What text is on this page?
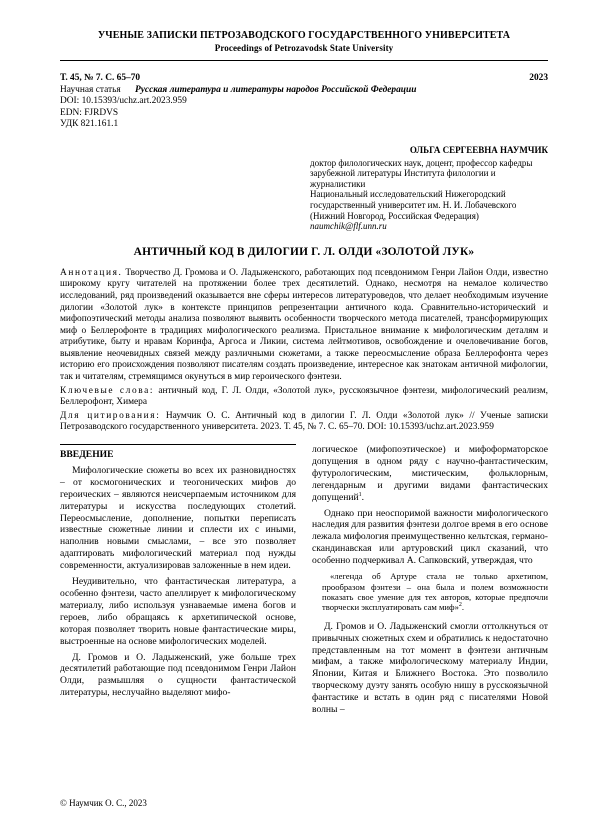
УЧЕНЫЕ ЗАПИСКИ ПЕТРОЗАВОДСКОГО ГОСУДАРСТВЕННОГО УНИВЕРСИТЕТА
Proceedings of Petrozavodsk State University
Т. 45, № 7. С. 65–70	2023
Научная статья Русская литература и литературы народов Российской Федерации
DOI: 10.15393/uchz.art.2023.959
EDN: FJRDVS
УДК 821.161.1
ОЛЬГА СЕРГЕЕВНА НАУМЧИК
доктор филологических наук, доцент, профессор кафедры зарубежной литературы Института филологии и журналистики
Национальный исследовательский Нижегородский государственный университет им. Н. И. Лобачевского (Нижний Новгород, Российская Федерация)
naumchik@flf.unn.ru
АНТИЧНЫЙ КОД В ДИЛОГИИ Г. Л. ОЛДИ «ЗОЛОТОЙ ЛУК»
Аннотация. Творчество Д. Громова и О. Ладыженского, работающих под псевдонимом Генри Лайон Олди, известно широкому кругу читателей на протяжении более трех десятилетий. Однако, несмотря на немалое количество исследований, ряд произведений оказывается вне сферы интересов литературоведов, что делает необходимым изучение дилогии «Золотой лук» в контексте принципов репрезентации античного кода. Сравнительно-исторический и мифопоэтический методы анализа позволяют выявить особенности творческого метода писателей, трансформирующих миф о Беллерофонте в традициях мифологического реализма. Пристальное внимание к мифологическим деталям и атрибутике, быту и нравам Коринфа, Аргоса и Ликии, система лейтмотивов, освобождение и очеловечивание богов, выявление неочевидных связей между различными сюжетами, а также переосмысление образа Беллерофонта через историю его происхождения позволяют писателям создать произведение, интересное как знатокам античной мифологии, так и читателям, стремящимся окунуться в мир героического фэнтези.
Ключевые слова: античный код, Г. Л. Олди, «Золотой лук», русскоязычное фэнтези, мифологический реализм, Беллерофонт, Химера
Для цитирования: Наумчик О. С. Античный код в дилогии Г. Л. Олди «Золотой лук» // Ученые записки Петрозаводского государственного университета. 2023. Т. 45, № 7. С. 65–70. DOI: 10.15393/uchz.art.2023.959
ВВЕДЕНИЕ

Мифологические сюжеты во всех их разновидностях – от космогонических и теогонических мифов до героических – являются неисчерпаемым источником для литературы и искусства последующих столетий. Переосмысление, дополнение, попытки переписать известные сюжетные линии и сплести их с иными, наполнив новыми смыслами, – все это позволяет адаптировать мифологический материал под нужды современности, актуализировав заложенные в нем идеи.

Неудивительно, что фантастическая литература, а особенно фэнтези, часто апеллирует к мифологическому материалу, либо используя узнаваемые имена богов и героев, либо обращаясь к архетипической основе, которая позволяет творить новые фантастические миры, выстроенные на основе мифологических моделей.

Д. Громов и О. Ладыженский, уже больше трех десятилетий работающие под псевдонимом Генри Лайон Олди, размышляя о сущности фантастической литературы, неслучайно выделяют мифо-

логическое (мифопоэтическое) и мифоформаторское допущения в одном ряду с научно-фантастическим, футурологическим, мистическим, фольклорным, легендарным и другими видами фантастических допущений$^1$.

Однако при неоспоримой важности мифологического наследия для развития фэнтези долгое время в его основе лежала мифология преимущественно кельтская, германо-скандинавская или артуровский цикл сказаний, что особенно подчеркивал А. Сапковский, утверждая, что

«легенда об Артуре стала не только архетипом, прообразом фэнтези – она была и полем возможности показать свое умение для тех авторов, которые предпочли творчески эксплуатировать сам миф»$^2$.

Д. Громов и О. Ладыженский смогли оттолкнуться от привычных сюжетных схем и обратились к недостаточно представленным на тот момент в фэнтези античным мифам, а также мифологическому материалу Индии, Японии, Китая и Ближнего Востока. Это позволило творческому дуэту занять особую нишу в русскоязычной фантастике и встать в один ряд с писателями Новой волны –

© Наумчик О. С., 2023
